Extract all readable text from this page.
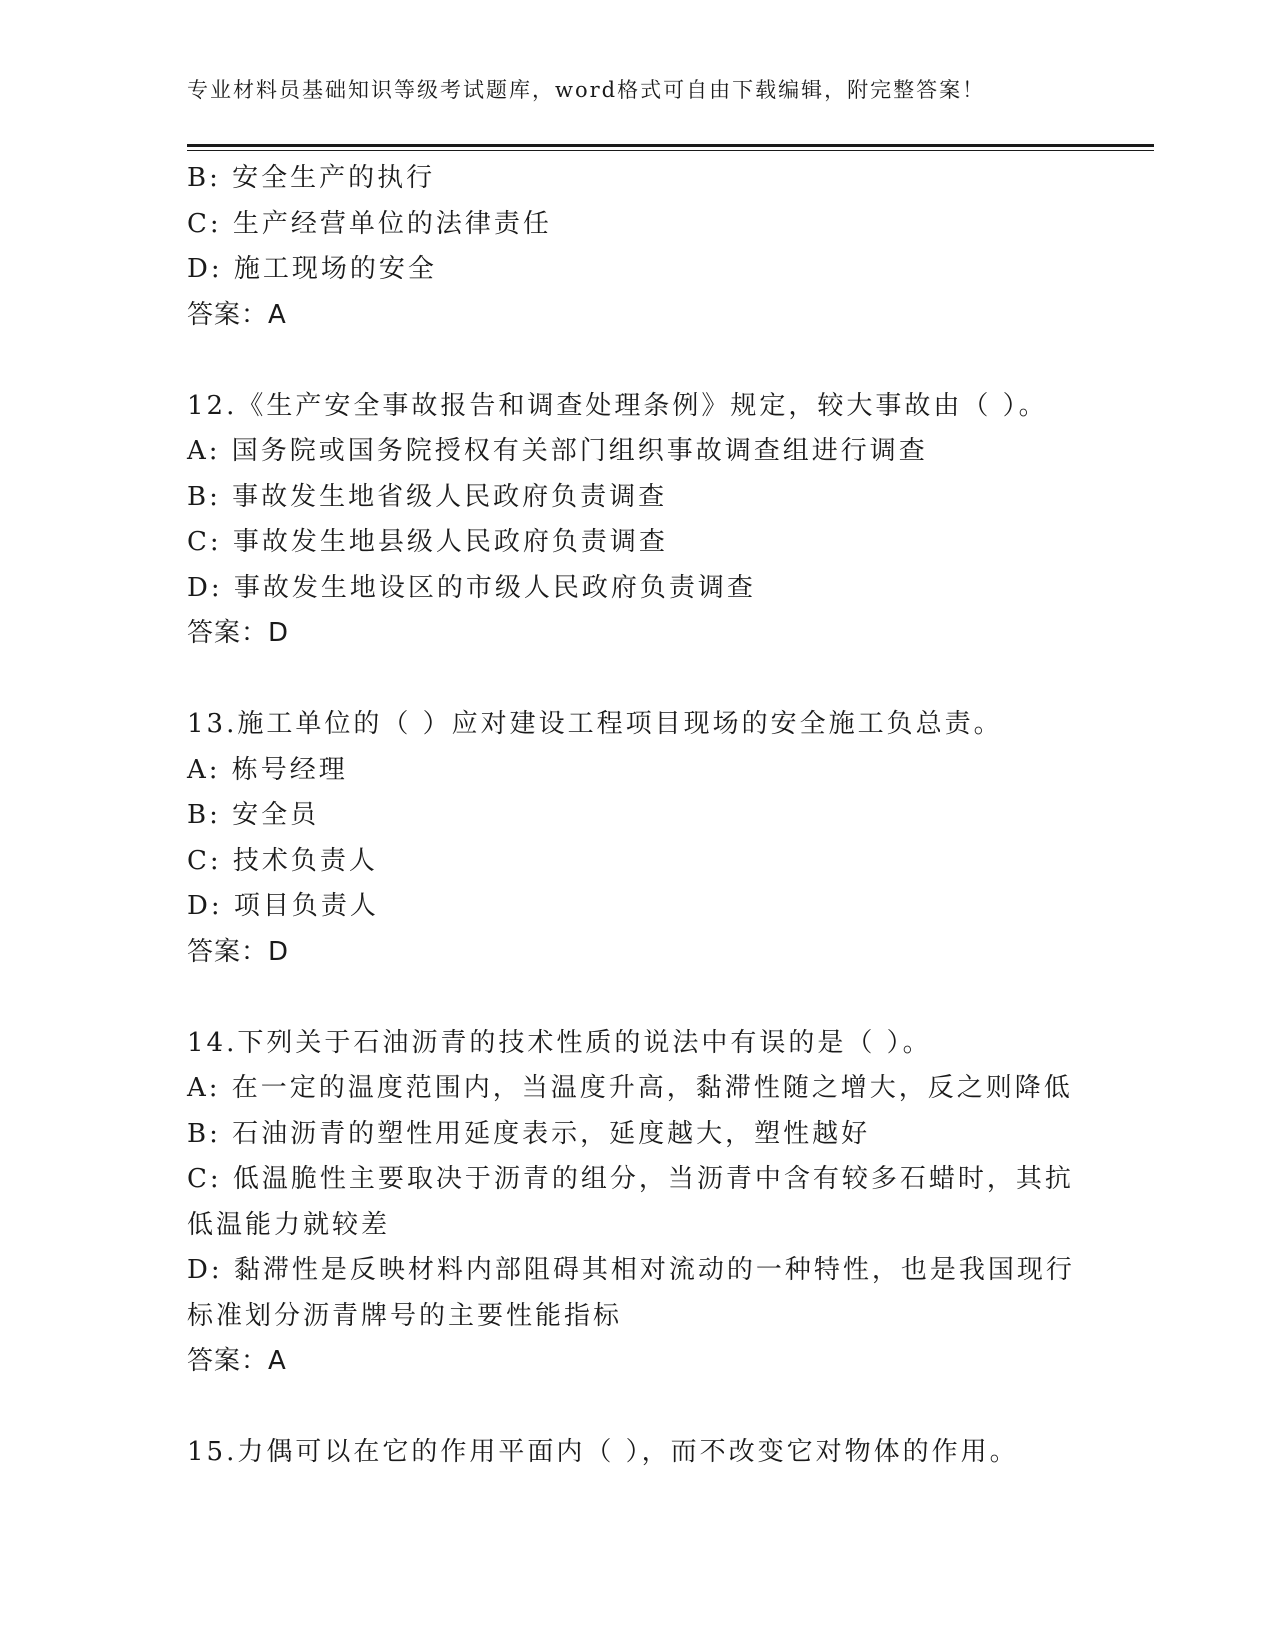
专业材料员基础知识等级考试题库，word格式可自由下载编辑，附完整答案！
B: 安全生产的执行
C: 生产经营单位的法律责任
D: 施工现场的安全
答案：A
12.《生产安全事故报告和调查处理条例》规定，较大事故由（ ）。
A: 国务院或国务院授权有关部门组织事故调查组进行调查
B: 事故发生地省级人民政府负责调查
C: 事故发生地县级人民政府负责调查
D: 事故发生地设区的市级人民政府负责调查
答案：D
13.施工单位的（ ）应对建设工程项目现场的安全施工负总责。
A: 栋号经理
B: 安全员
C: 技术负责人
D: 项目负责人
答案：D
14.下列关于石油沥青的技术性质的说法中有误的是（ ）。
A: 在一定的温度范围内，当温度升高，黏滞性随之增大，反之则降低
B: 石油沥青的塑性用延度表示，延度越大，塑性越好
C: 低温脆性主要取决于沥青的组分，当沥青中含有较多石蜡时，其抗
低温能力就较差
D: 黏滞性是反映材料内部阻碍其相对流动的一种特性，也是我国现行
标准划分沥青牌号的主要性能指标
答案：A
15.力偶可以在它的作用平面内（ ），而不改变它对物体的作用。
